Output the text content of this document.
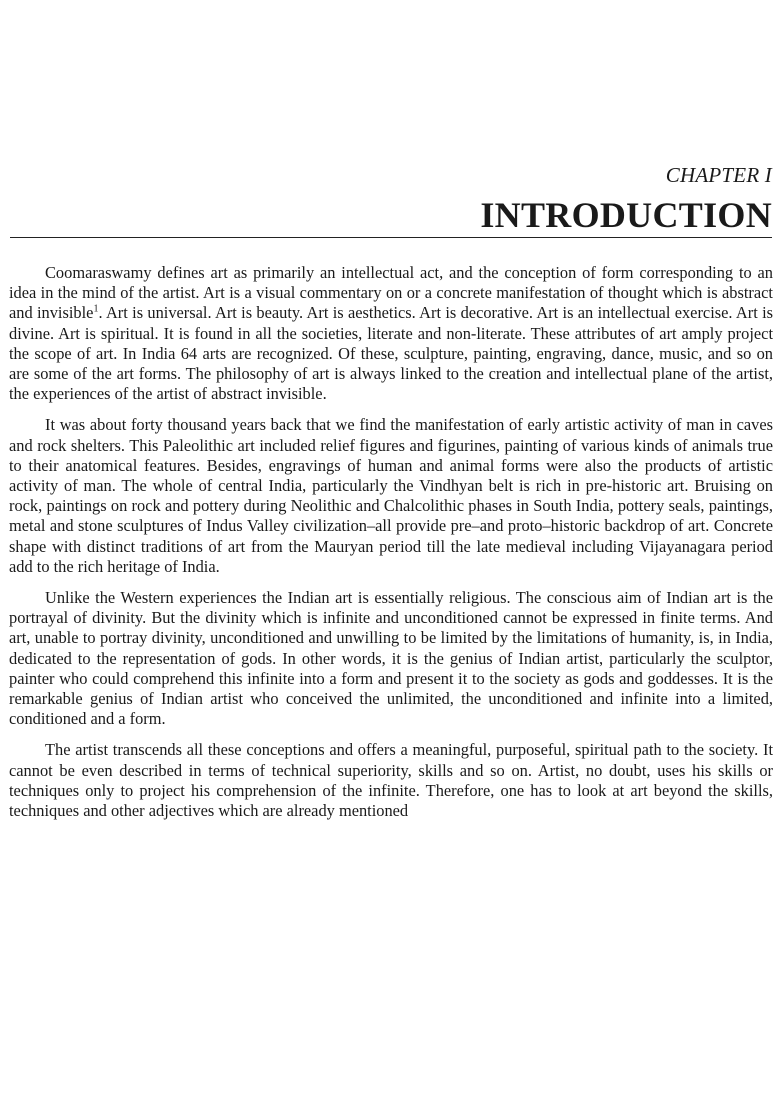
CHAPTER I

INTRODUCTION

Coomaraswamy defines art as primarily an intellectual act, and the conception of form corresponding to an idea in the mind of the artist. Art is a visual commentary on or a concrete manifestation of thought which is abstract and invisible$^1$. Art is universal. Art is beauty. Art is aesthetics. Art is decorative. Art is an intellectual exercise. Art is divine. Art is spiritual. It is found in all the societies, literate and non-literate. These attributes of art amply project the scope of art. In India 64 arts are recognized. Of these, sculpture, painting, engraving, dance, music, and so on are some of the art forms. The philosophy of art is always linked to the creation and intellectual plane of the artist, the experiences of the artist of abstract invisible.

It was about forty thousand years back that we find the manifestation of early artistic activity of man in caves and rock shelters. This Paleolithic art included relief figures and figurines, painting of various kinds of animals true to their anatomical features. Besides, engravings of human and animal forms were also the products of artistic activity of man. The whole of central India, particularly the Vindhyan belt is rich in pre-historic art. Bruising on rock, paintings on rock and pottery during Neolithic and Chalcolithic phases in South India, pottery seals, paintings, metal and stone sculptures of Indus Valley civilization–all provide pre–and proto–historic backdrop of art. Concrete shape with distinct traditions of art from the Mauryan period till the late medieval including Vijayanagara period add to the rich heritage of India.

Unlike the Western experiences the Indian art is essentially religious. The conscious aim of Indian art is the portrayal of divinity. But the divinity which is infinite and unconditioned cannot be expressed in finite terms. And art, unable to portray divinity, unconditioned and unwilling to be limited by the limitations of humanity, is, in India, dedicated to the representation of gods. In other words, it is the genius of Indian artist, particularly the sculptor, painter who could comprehend this infinite into a form and present it to the society as gods and goddesses. It is the remarkable genius of Indian artist who conceived the unlimited, the unconditioned and infinite into a limited, conditioned and a form.

The artist transcends all these conceptions and offers a meaningful, purposeful, spiritual path to the society. It cannot be even described in terms of technical superiority, skills and so on. Artist, no doubt, uses his skills or techniques only to project his comprehension of the infinite. Therefore, one has to look at art beyond the skills, techniques and other adjectives which are already mentioned
